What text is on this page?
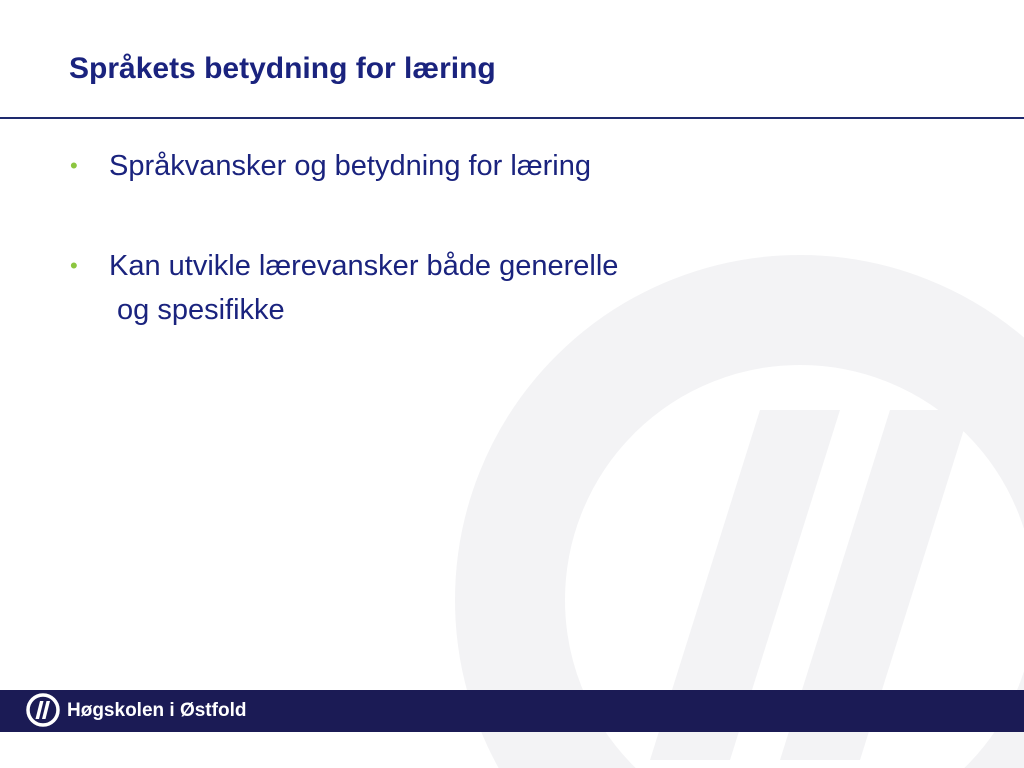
Språkets betydning for læring
• Språkvansker og betydning for læring
• Kan utvikle lærevansker både generelle
og spesifikke
Høgskolen i Østfold
